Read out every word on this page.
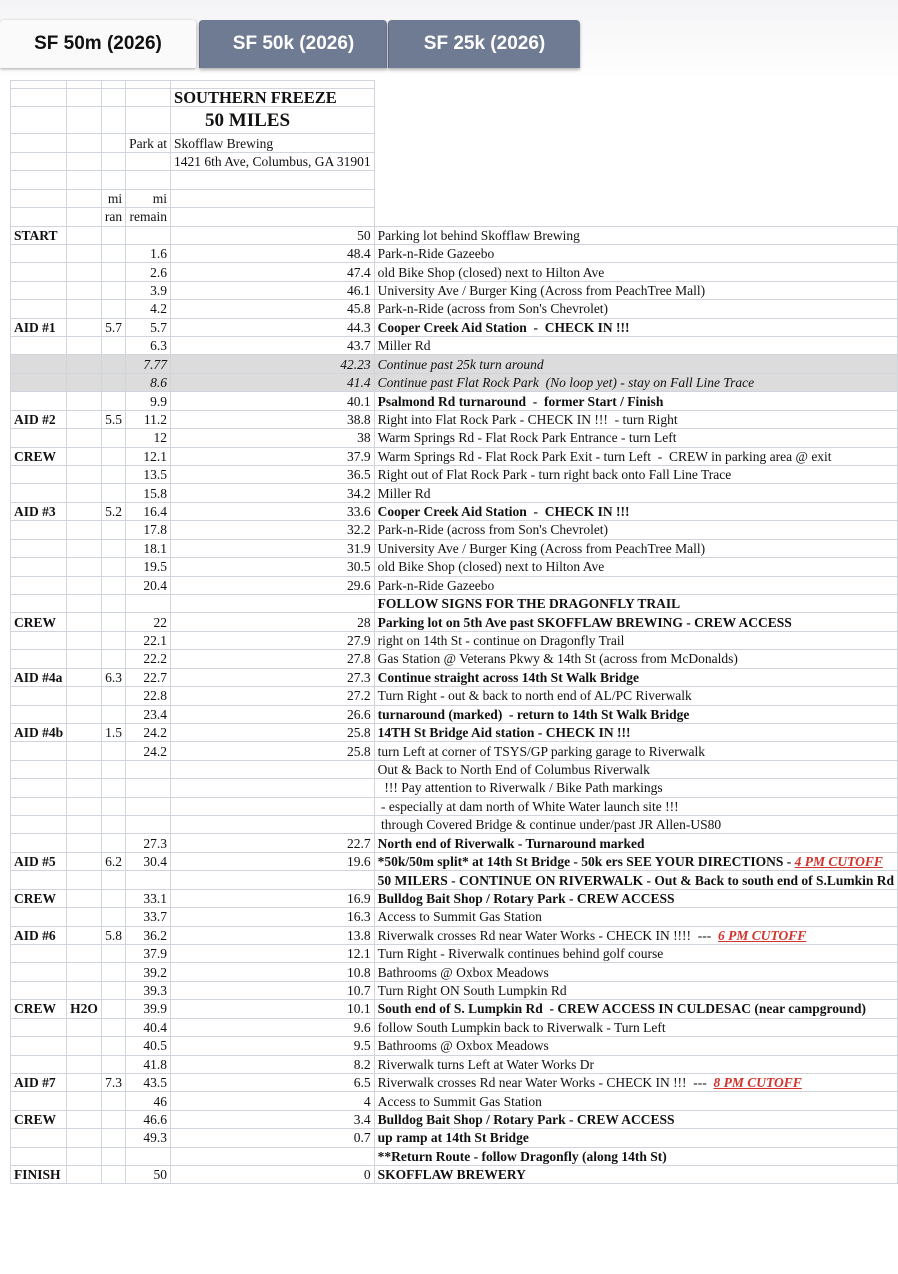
SF 50m (2026)	SF 50k (2026)	SF 25k (2026)

				SOUTHERN FREEZE	
				50 MILES	
			Park at	Skofflaw Brewing	
				1421 6th Ave, Columbus, GA 31901	

		mi	mi		
		ran	remain		
START				50	Parking lot behind Skofflaw Brewing
			1.6	48.4	Park-n-Ride Gazeebo
			2.6	47.4	old Bike Shop (closed) next to Hilton Ave
			3.9	46.1	University Ave / Burger King (Across from PeachTree Mall)
			4.2	45.8	Park-n-Ride (across from Son's Chevrolet)
AID #1		5.7	5.7	44.3	Cooper Creek Aid Station  -  CHECK IN !!!
			6.3	43.7	Miller Rd
			7.77	42.23	Continue past 25k turn around
			8.6	41.4	Continue past Flat Rock Park  (No loop yet) - stay on Fall Line Trace
			9.9	40.1	Psalmond Rd turnaround  -  former Start / Finish
AID #2		5.5	11.2	38.8	Right into Flat Rock Park - CHECK IN !!!  - turn Right
			12	38	Warm Springs Rd - Flat Rock Park Entrance - turn Left
CREW			12.1	37.9	Warm Springs Rd - Flat Rock Park Exit - turn Left  -  CREW in parking area @ exit
			13.5	36.5	Right out of Flat Rock Park - turn right back onto Fall Line Trace
			15.8	34.2	Miller Rd
AID #3		5.2	16.4	33.6	Cooper Creek Aid Station  -  CHECK IN !!!
			17.8	32.2	Park-n-Ride (across from Son's Chevrolet)
			18.1	31.9	University Ave / Burger King (Across from PeachTree Mall)
			19.5	30.5	old Bike Shop (closed) next to Hilton Ave
			20.4	29.6	Park-n-Ride Gazeebo
					FOLLOW SIGNS FOR THE DRAGONFLY TRAIL
CREW			22	28	Parking lot on 5th Ave past SKOFFLAW BREWING - CREW ACCESS
			22.1	27.9	right on 14th St - continue on Dragonfly Trail
			22.2	27.8	Gas Station @ Veterans Pkwy & 14th St (across from McDonalds)
AID #4a		6.3	22.7	27.3	Continue straight across 14th St Walk Bridge
			22.8	27.2	Turn Right - out & back to north end of AL/PC Riverwalk
			23.4	26.6	turnaround (marked)  - return to 14th St Walk Bridge
AID #4b		1.5	24.2	25.8	14TH St Bridge Aid station - CHECK IN !!!
			24.2	25.8	turn Left at corner of TSYS/GP parking garage to Riverwalk
					Out & Back to North End of Columbus Riverwalk
					!!! Pay attention to Riverwalk / Bike Path markings
					- especially at dam north of White Water launch site !!!
					through Covered Bridge & continue under/past JR Allen-US80
			27.3	22.7	North end of Riverwalk - Turnaround marked
AID #5		6.2	30.4	19.6	*50k/50m split* at 14th St Bridge - 50k ers SEE YOUR DIRECTIONS - 4 PM CUTOFF
					50 MILERS - CONTINUE ON RIVERWALK - Out & Back to south end of S.Lumkin Rd
CREW			33.1	16.9	Bulldog Bait Shop / Rotary Park - CREW ACCESS
			33.7	16.3	Access to Summit Gas Station
AID #6		5.8	36.2	13.8	Riverwalk crosses Rd near Water Works - CHECK IN !!!!  ---  6 PM CUTOFF
			37.9	12.1	Turn Right - Riverwalk continues behind golf course
			39.2	10.8	Bathrooms @ Oxbox Meadows
			39.3	10.7	Turn Right ON South Lumpkin Rd
CREW	H2O		39.9	10.1	South end of S. Lumpkin Rd  - CREW ACCESS IN CULDESAC (near campground)
			40.4	9.6	follow South Lumpkin back to Riverwalk - Turn Left
			40.5	9.5	Bathrooms @ Oxbox Meadows
			41.8	8.2	Riverwalk turns Left at Water Works Dr
AID #7		7.3	43.5	6.5	Riverwalk crosses Rd near Water Works - CHECK IN !!!  ---  8 PM CUTOFF
			46	4	Access to Summit Gas Station
CREW			46.6	3.4	Bulldog Bait Shop / Rotary Park - CREW ACCESS
			49.3	0.7	up ramp at 14th St Bridge
					**Return Route - follow Dragonfly (along 14th St)
FINISH			50	0	SKOFFLAW BREWERY
